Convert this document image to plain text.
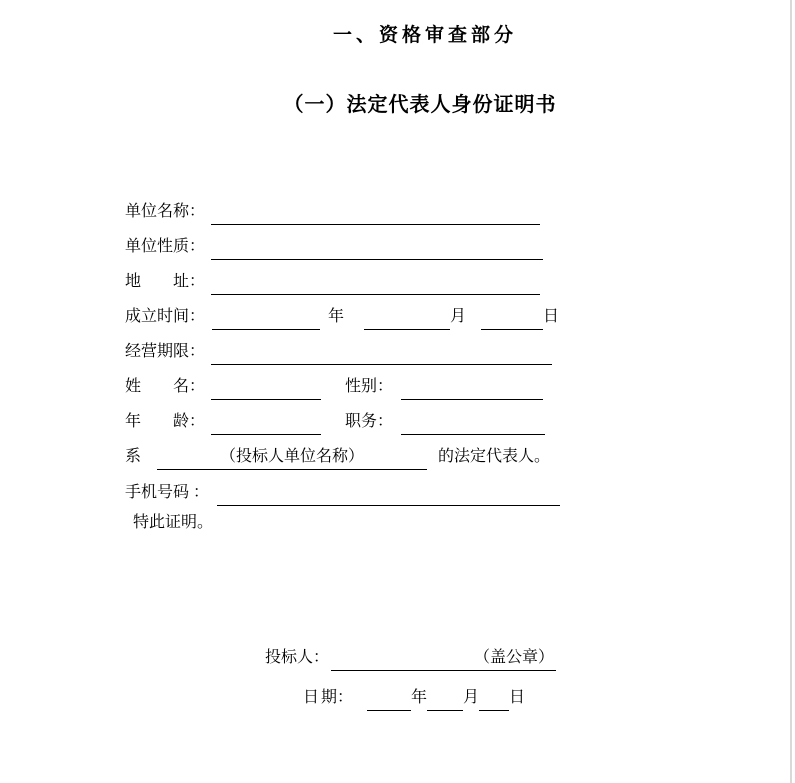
一、资格审查部分
（一）法定代表人身份证明书
单位名称：
单位性质：
地 址：
成立时间：	年	月	日
经营期限：
姓 名：	性别：
年 龄：	职务：
系	（投标人单位名称）	的法定代表人。
手机号码 ：
特此证明。
投标人：	（盖公章）
日 期：	年 月 日
